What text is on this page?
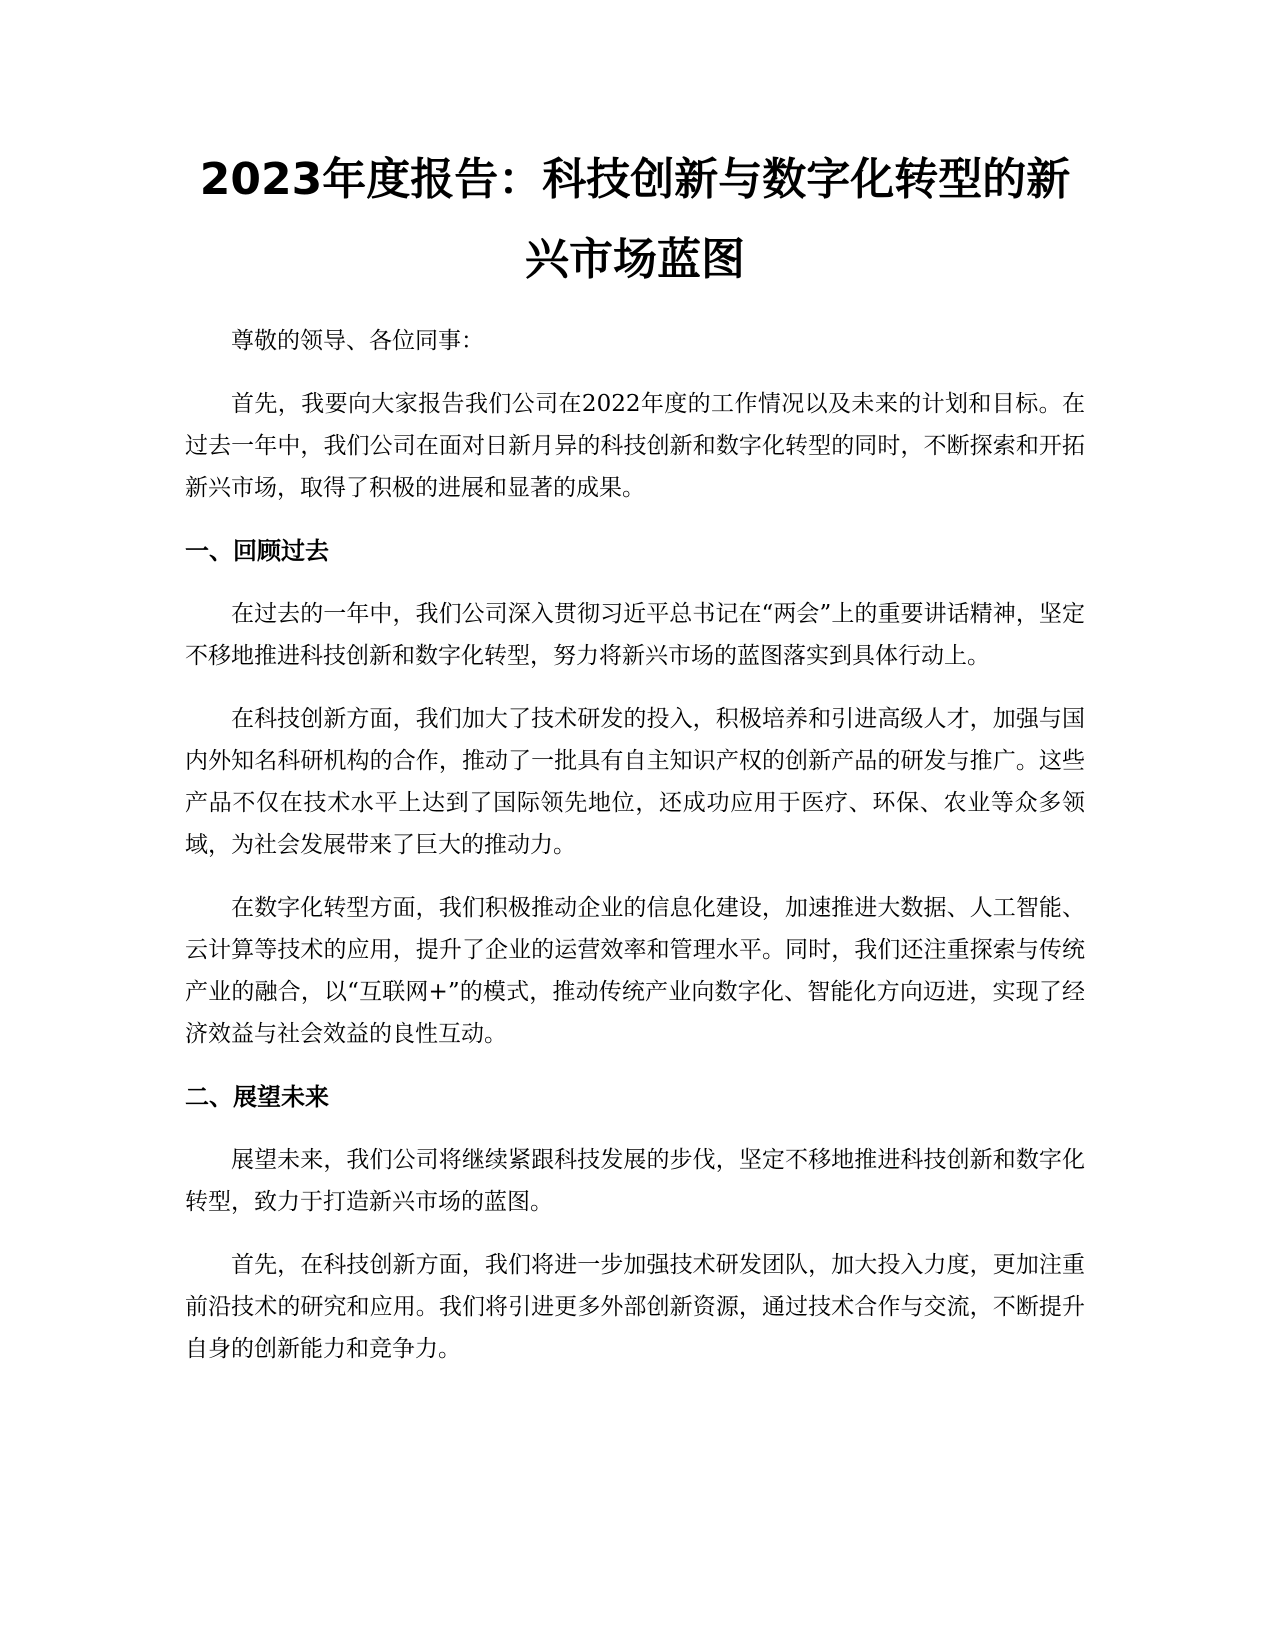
2023年度报告：科技创新与数字化转型的新兴市场蓝图

尊敬的领导、各位同事：

首先，我要向大家报告我们公司在2022年度的工作情况以及未来的计划和目标。在过去一年中，我们公司在面对日新月异的科技创新和数字化转型的同时，不断探索和开拓新兴市场，取得了积极的进展和显著的成果。

一、回顾过去

在过去的一年中，我们公司深入贯彻习近平总书记在“两会”上的重要讲话精神，坚定不移地推进科技创新和数字化转型，努力将新兴市场的蓝图落实到具体行动上。

在科技创新方面，我们加大了技术研发的投入，积极培养和引进高级人才，加强与国内外知名科研机构的合作，推动了一批具有自主知识产权的创新产品的研发与推广。这些产品不仅在技术水平上达到了国际领先地位，还成功应用于医疗、环保、农业等众多领域，为社会发展带来了巨大的推动力。

在数字化转型方面，我们积极推动企业的信息化建设，加速推进大数据、人工智能、云计算等技术的应用，提升了企业的运营效率和管理水平。同时，我们还注重探索与传统产业的融合，以“互联网+”的模式，推动传统产业向数字化、智能化方向迈进，实现了经济效益与社会效益的良性互动。

二、展望未来

展望未来，我们公司将继续紧跟科技发展的步伐，坚定不移地推进科技创新和数字化转型，致力于打造新兴市场的蓝图。

首先，在科技创新方面，我们将进一步加强技术研发团队，加大投入力度，更加注重前沿技术的研究和应用。我们将引进更多外部创新资源，通过技术合作与交流，不断提升自身的创新能力和竞争力。
